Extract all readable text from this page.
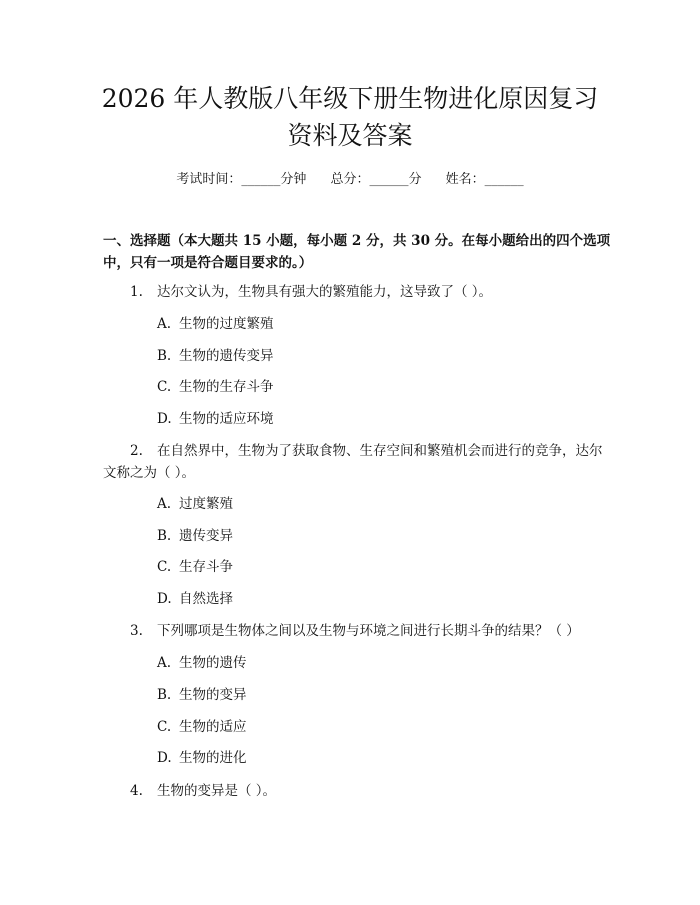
2026 年人教版八年级下册生物进化原因复习
资料及答案
考试时间：______分钟 总分：______分 姓名：______
一、选择题（本大题共 15 小题，每小题 2 分，共 30 分。在每小题给出的四个选项中，只有一项是符合题目要求的。）
1. 达尔文认为，生物具有强大的繁殖能力，这导致了（ ）。
A. 生物的过度繁殖
B. 生物的遗传变异
C. 生物的生存斗争
D. 生物的适应环境
2. 在自然界中，生物为了获取食物、生存空间和繁殖机会而进行的竞争，达尔文称之为（ ）。
A. 过度繁殖
B. 遗传变异
C. 生存斗争
D. 自然选择
3. 下列哪项是生物体之间以及生物与环境之间进行长期斗争的结果？（ ）
A. 生物的遗传
B. 生物的变异
C. 生物的适应
D. 生物的进化
4. 生物的变异是（ ）。
